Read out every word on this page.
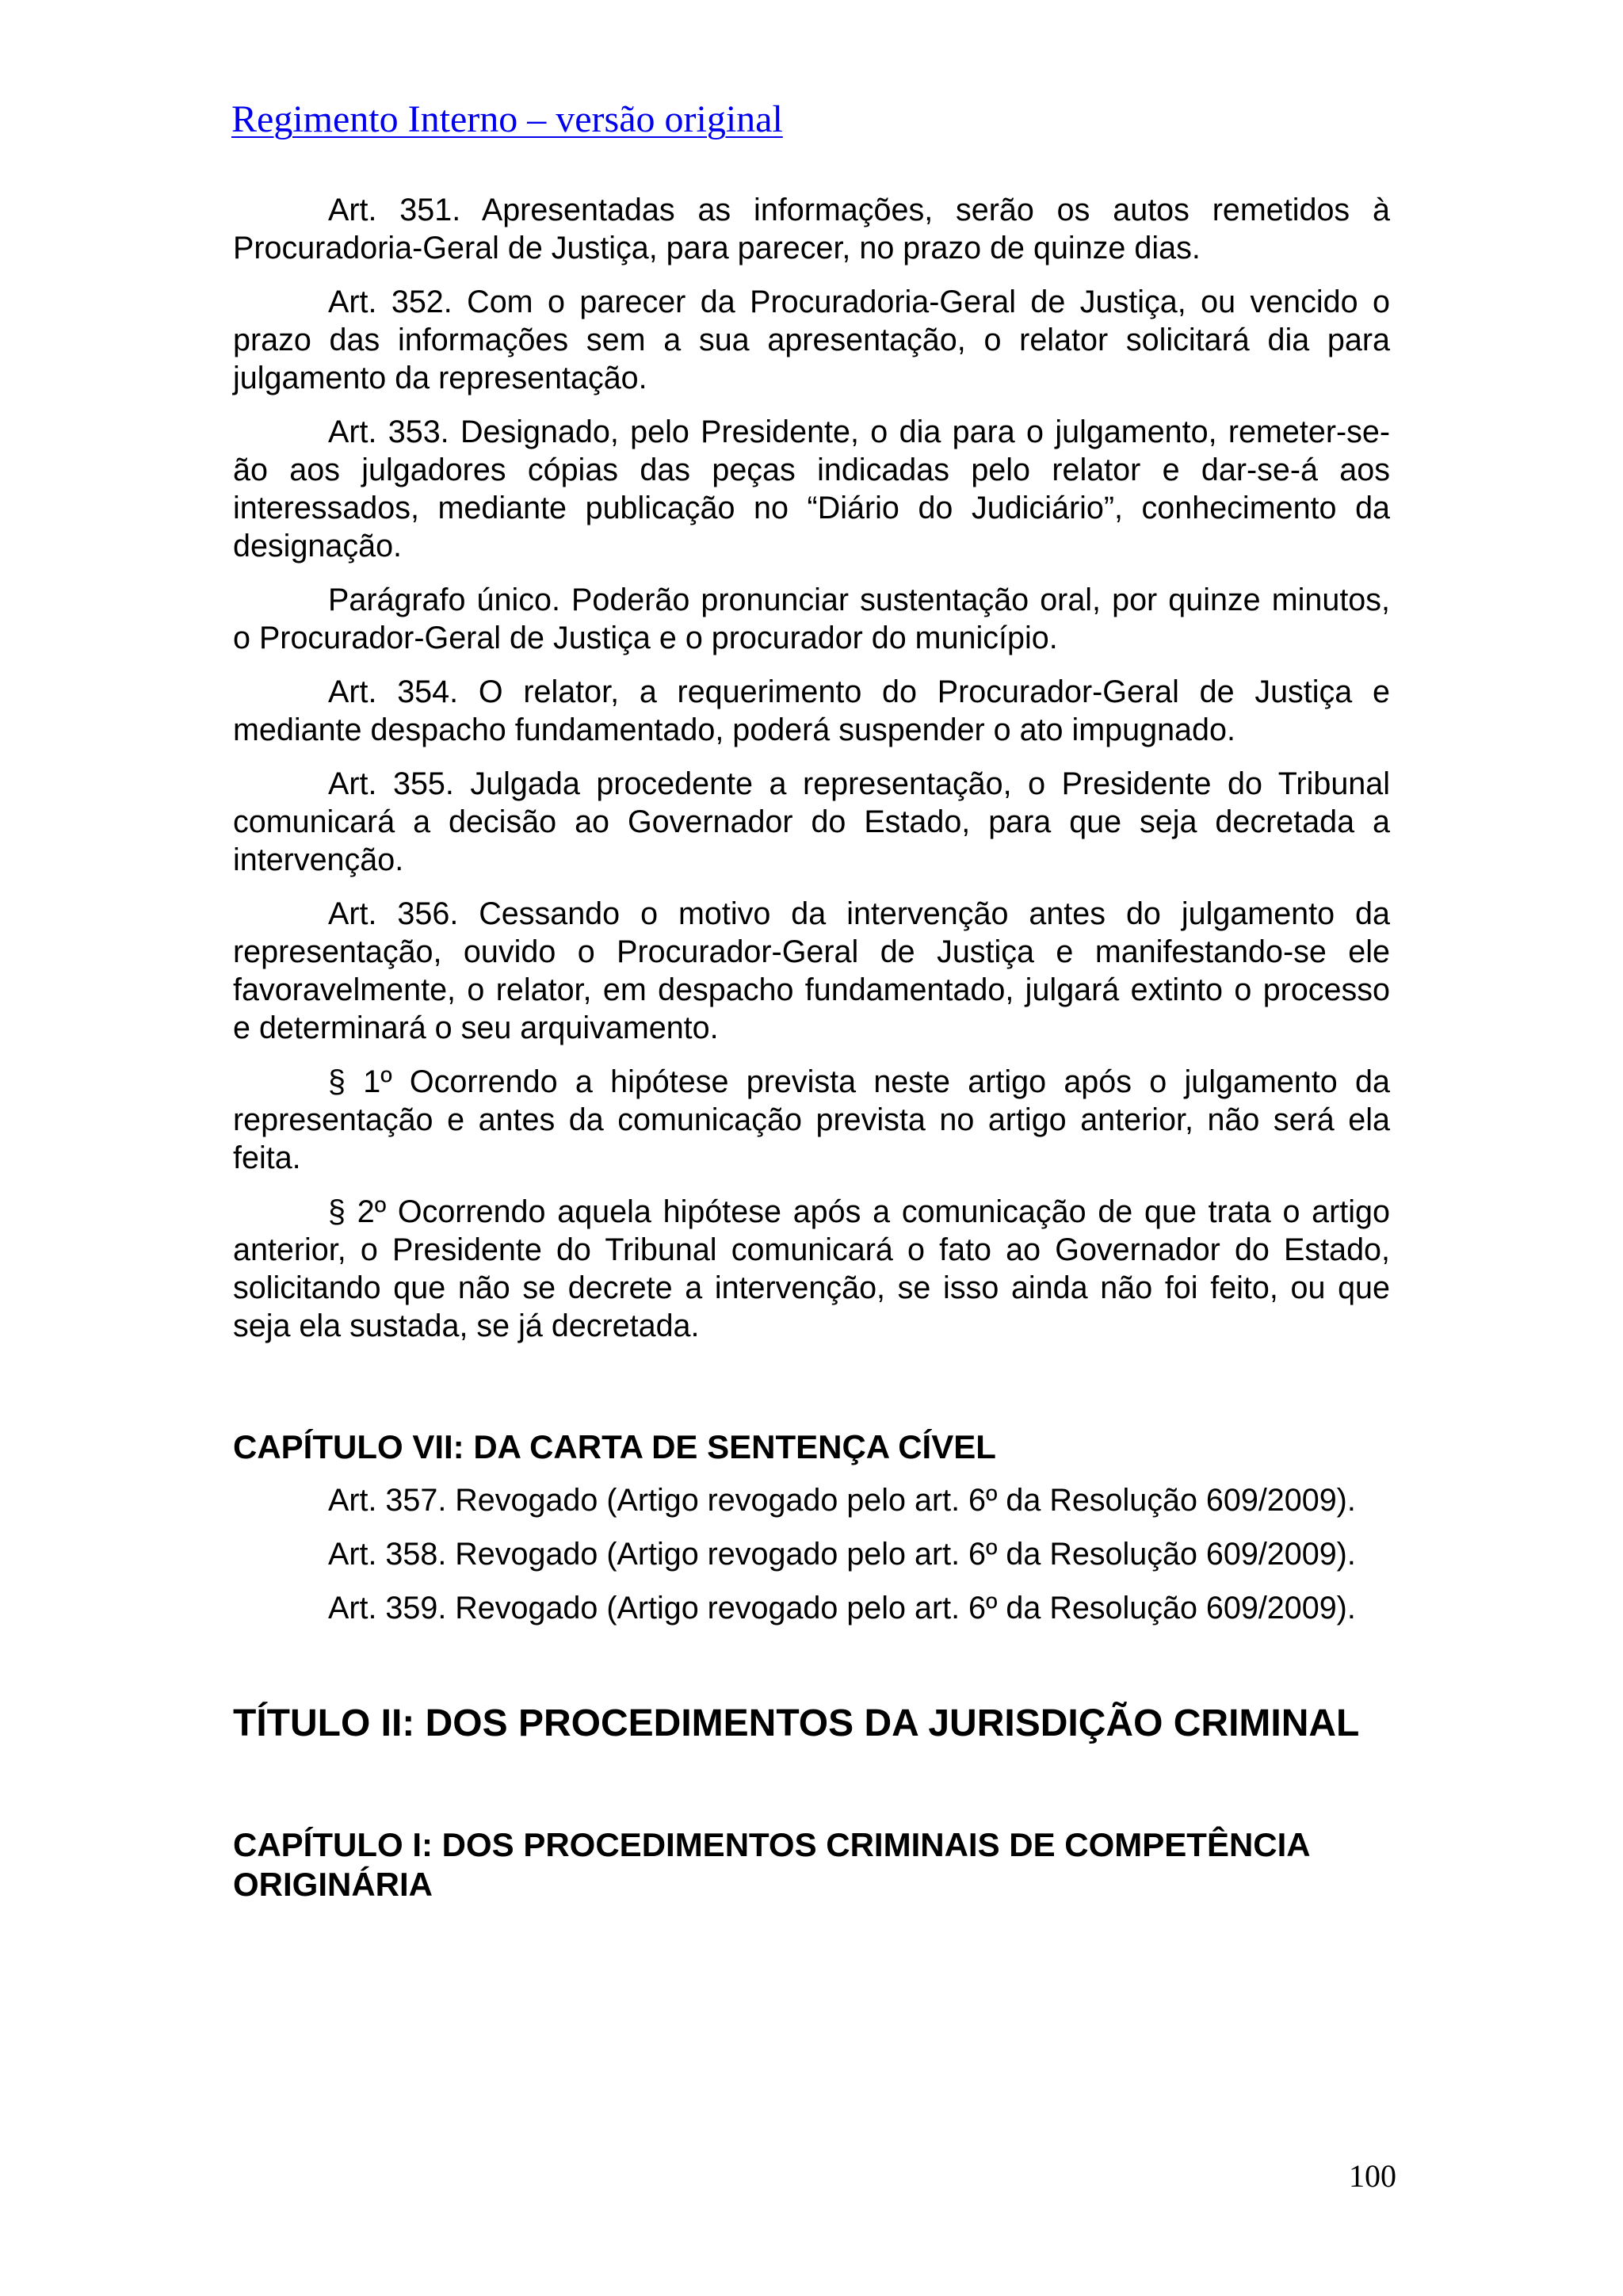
Regimento Interno – versão original

Art. 351. Apresentadas as informações, serão os autos remetidos à Procuradoria-Geral de Justiça, para parecer, no prazo de quinze dias.

Art. 352. Com o parecer da Procuradoria-Geral de Justiça, ou vencido o prazo das informações sem a sua apresentação, o relator solicitará dia para julgamento da representação.

Art. 353. Designado, pelo Presidente, o dia para o julgamento, remeter-se-ão aos julgadores cópias das peças indicadas pelo relator e dar-se-á aos interessados, mediante publicação no “Diário do Judiciário”, conhecimento da designação.

Parágrafo único. Poderão pronunciar sustentação oral, por quinze minutos, o Procurador-Geral de Justiça e o procurador do município.

Art. 354. O relator, a requerimento do Procurador-Geral de Justiça e mediante despacho fundamentado, poderá suspender o ato impugnado.

Art. 355. Julgada procedente a representação, o Presidente do Tribunal comunicará a decisão ao Governador do Estado, para que seja decretada a intervenção.

Art. 356. Cessando o motivo da intervenção antes do julgamento da representação, ouvido o Procurador-Geral de Justiça e manifestando-se ele favoravelmente, o relator, em despacho fundamentado, julgará extinto o processo e determinará o seu arquivamento.

§ 1º Ocorrendo a hipótese prevista neste artigo após o julgamento da representação e antes da comunicação prevista no artigo anterior, não será ela feita.

§ 2º Ocorrendo aquela hipótese após a comunicação de que trata o artigo anterior, o Presidente do Tribunal comunicará o fato ao Governador do Estado, solicitando que não se decrete a intervenção, se isso ainda não foi feito, ou que seja ela sustada, se já decretada.

CAPÍTULO VII: DA CARTA DE SENTENÇA CÍVEL

Art. 357. Revogado (Artigo revogado pelo art. 6º da Resolução 609/2009).

Art. 358. Revogado (Artigo revogado pelo art. 6º da Resolução 609/2009).

Art. 359. Revogado (Artigo revogado pelo art. 6º da Resolução 609/2009).

TÍTULO II: DOS PROCEDIMENTOS DA JURISDIÇÃO CRIMINAL
CAPÍTULO I: DOS PROCEDIMENTOS CRIMINAIS DE COMPETÊNCIA ORIGINÁRIA
100
